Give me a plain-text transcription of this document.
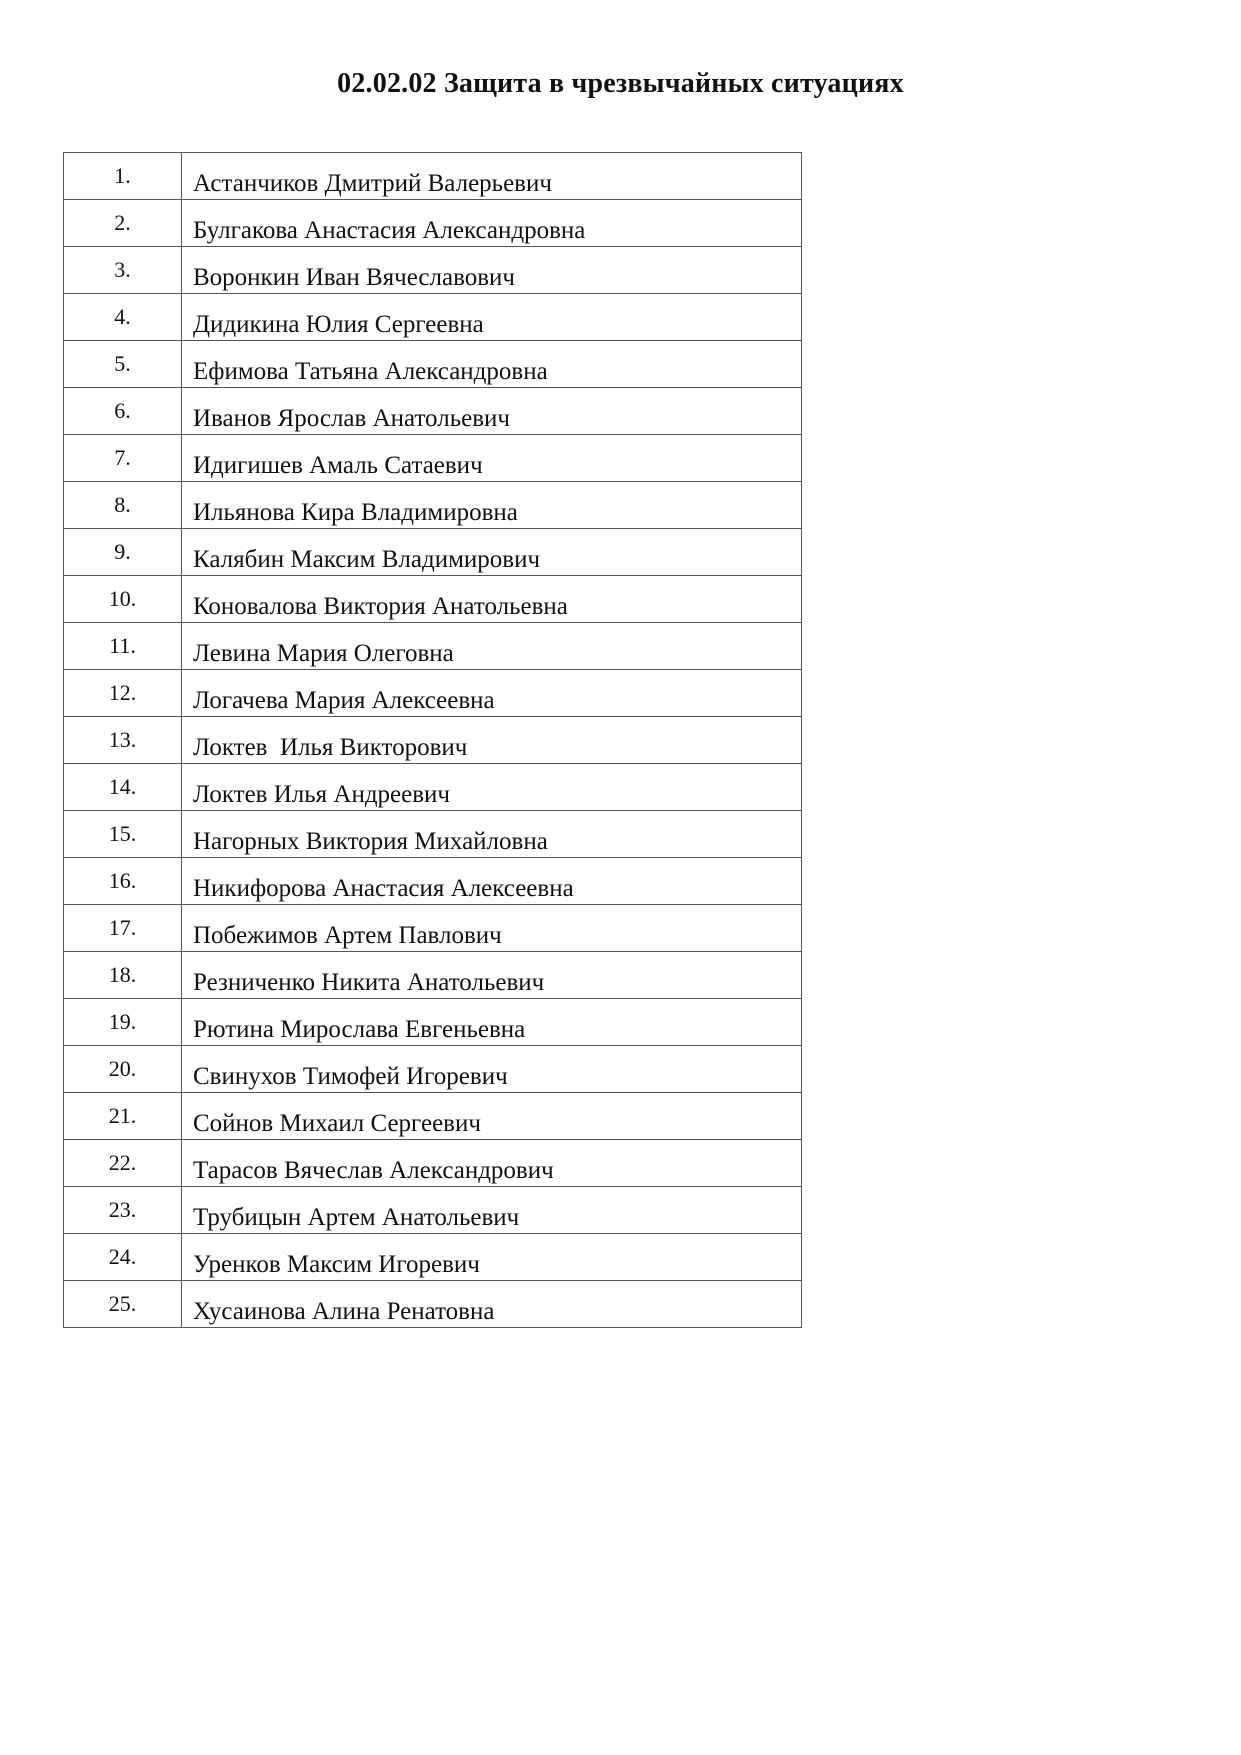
02.02.02 Защита в чрезвычайных ситуациях
1.	Астанчиков Дмитрий Валерьевич
2.	Булгакова Анастасия Александровна
3.	Воронкин Иван Вячеславович
4.	Дидикина Юлия Сергеевна
5.	Ефимова Татьяна Александровна
6.	Иванов Ярослав Анатольевич
7.	Идигишев Амаль Сатаевич
8.	Ильянова Кира Владимировна
9.	Калябин Максим Владимирович
10.	Коновалова Виктория Анатольевна
11.	Левина Мария Олеговна
12.	Логачева Мария Алексеевна
13.	Локтев  Илья Викторович
14.	Локтев Илья Андреевич
15.	Нагорных Виктория Михайловна
16.	Никифорова Анастасия Алексеевна
17.	Побежимов Артем Павлович
18.	Резниченко Никита Анатольевич
19.	Рютина Мирослава Евгеньевна
20.	Свинухов Тимофей Игоревич
21.	Сойнов Михаил Сергеевич
22.	Тарасов Вячеслав Александрович
23.	Трубицын Артем Анатольевич
24.	Уренков Максим Игоревич
25.	Хусаинова Алина Ренатовна
